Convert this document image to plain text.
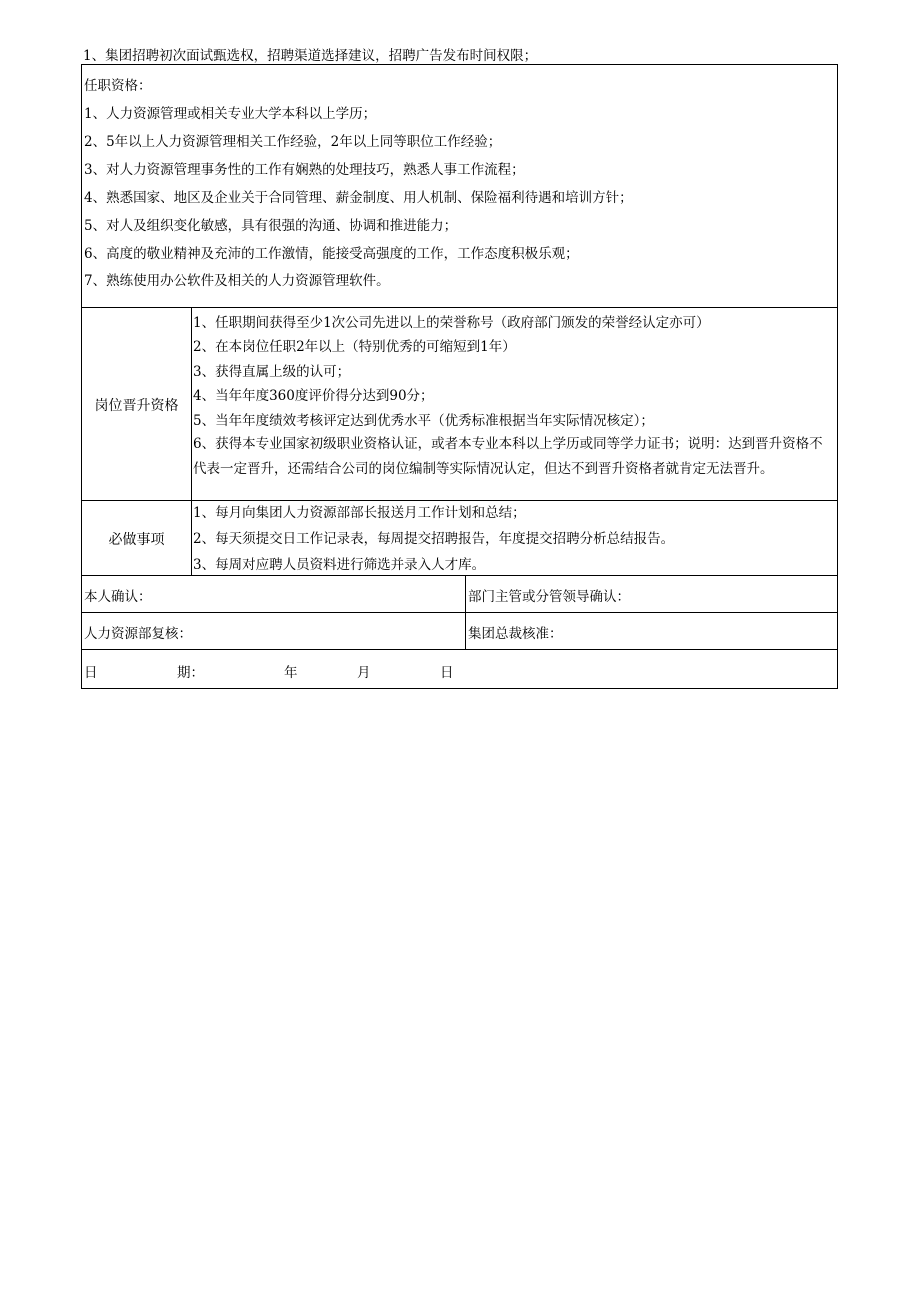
1、集团招聘初次面试甄选权，招聘渠道选择建议，招聘广告发布时间权限；
任职资格：
1、人力资源管理或相关专业大学本科以上学历；
2、5年以上人力资源管理相关工作经验，2年以上同等职位工作经验；
3、对人力资源管理事务性的工作有娴熟的处理技巧，熟悉人事工作流程；
4、熟悉国家、地区及企业关于合同管理、薪金制度、用人机制、保险福利待遇和培训方针；
5、对人及组织变化敏感，具有很强的沟通、协调和推进能力；
6、高度的敬业精神及充沛的工作激情，能接受高强度的工作，工作态度积极乐观；
7、熟练使用办公软件及相关的人力资源管理软件。
岗位晋升资格
1、任职期间获得至少1次公司先进以上的荣誉称号（政府部门颁发的荣誉经认定亦可）
2、在本岗位任职2年以上（特别优秀的可缩短到1年）
3、获得直属上级的认可；
4、当年年度360度评价得分达到90分；
5、当年年度绩效考核评定达到优秀水平（优秀标准根据当年实际情况核定）；
6、获得本专业国家初级职业资格认证，或者本专业本科以上学历或同等学力证书；说明：达到晋升资格不代表一定晋升，还需结合公司的岗位编制等实际情况认定，但达不到晋升资格者就肯定无法晋升。
必做事项
1、每月向集团人力资源部部长报送月工作计划和总结；
2、每天须提交日工作记录表，每周提交招聘报告，年度提交招聘分析总结报告。
3、每周对应聘人员资料进行筛选并录入人才库。
本人确认：	部门主管或分管领导确认：
人力资源部复核：	集团总裁核准：
日	期：	年	月	日
